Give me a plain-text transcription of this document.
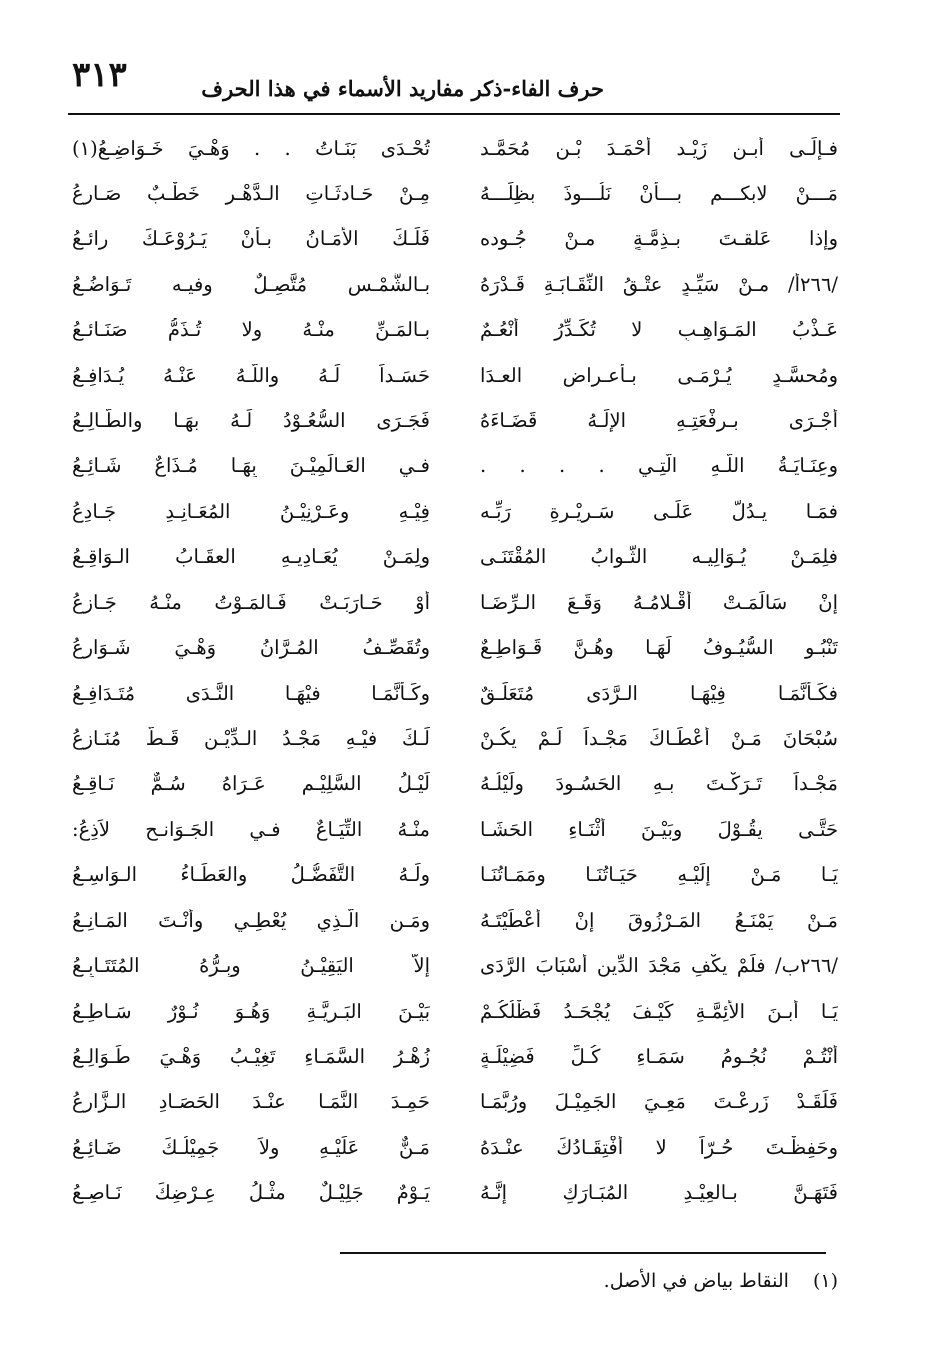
٣١٣	حرف الفاء-ذكر مفاريد الأسماء في هذا الحرف
فـإلَـى أبـنِ زَيْـد أحْمَـدَ بْـنِ مُحَمَّـد
تُحْـدَى بَنَـاتُ . . وَهْـيَ خَـوَاضِـعُ(١)
مَـــنْ لابكـــم بـــأنْ نَلُـــوذَ بظِلِّـــهُ
مِـنْ حَـادثَـاتِ الـدَّهْـرِ خَطْـبٌ صَـارِعُ
وإذا عَلقـتَ بـذِمَّـةٍ مـنْ جُـوده
فَلَـكَ الأَمَـانُ بـأنْ يَـرُوْعَـكَ رائـعُ
/٢٦٦أ/ مـنْ سَيِّـدٍ عتْـقُ النِّقَـابَـةِ قَـدْرَهُ
بـالشَّمْـسِ مُتَّصِـلٌ وفيـه تَـوَاضُـعُ
عَـذْبُ المَـوَاهِـبِ لا تُكَـدِّرُ أَنْعُـمٌ
بـالمَـنِّ منْـهُ ولا تُـذَمُّ صَنَـائـعُ
ومُحسَّـدٍ يُـرْمَـى بـأعـراض العـدَا
حَسَـداً لَـهُ واللَّـهُ عَنْـهُ يُـدَافِـعُ
أجْـرَى بـرِفْعَتِـهِ الإلَـهُ قَضَـاءَهُ
فَجَـرَى السُّعُـوْدُ لَـهُ بهَـا والطَّـالِـعُ
وعِنَـايَـةُ اللَّـهِ الَّتِـي . . . .
فـي العَـالَمِيْـنَ بِهَـا مُـذَاعٌ شَـائِـعُ
فمَـا يـدُلُّ عَلَـى سَـرِيْـرةِ رَبِّـه
فِيْـهِ وعَـرْنِيْـنُ المُعَـانِـدِ جَـادِعُ
فلِمَـنْ يُـوَالِيـه الثَّـوابُ المُقْتَنَـى
ولِمَـنْ يُعَـادِيـهِ العقَـابُ الـوَاقِـعُ
إنْ سَالَمَـتْ أقْـلامُـهُ وَقَـعَ الـرِّضَـا
أَوْ حَـارَبَـتْ فَـالمَـوْتُ منْـهُ جَـازِعُ
تَنْبُـو السُّيُـوفُ لَهَـا وهُـنَّ قَـوَاطِـعٌ
وتُقَصِّـفُ المُـرَّانُ وَهْـيَ شَـوَارِعُ
فكَـأنَّمَـا فِيْهَـا الـرَّدَى مُتَعَلِّـقٌ
وكَـأنَّمَـا فيْهَـا النَّـدَى مُتَـدَافِـعُ
سُبْحَانَ مَـنْ أعْطَـاكَ مَجْـداً لَـمْ يكُـنْ
لَـكَ فيْـهِ مَجْـدُ الـدِّيْـنِ قَـطُّ مُنَـازِعُ
مَجْـداً تَـرَكْـتَ بـهِ الحَسُـودَ ولَيْلُـهُ
لَيْـلُ السَّلِيْـمِ عَـرَاهُ سُـمٌّ نَـاقِـعُ
حَتَّـى يقُـوْلَ وبَيْـنَ أثْنَـاءِ الحَشَـا
منْـهُ التِّيَـاعٌ فـي الجَـوَانـحِ لاَذِعُ:
يَـا مَـنْ إلَيْـهِ حَيَـاتُنَـا ومَمَـاتُنَـا
ولَـهُ التَّفَضُّـلُ والعَطَـاءُ الـوَاسِـعُ
مَـنْ يَمْنَـعُ المَـرْزُوقَ إنْ أعْطَيْتَـهُ
ومَـنِ الَّـذِي يُعْطِـي وأنْـتَ المَـانِـعُ
/٢٦٦ب/ فلَمْ يكْفِ مَجْدَ الدِّينِ أسْبَابَ الرَّدَى
إلاَّ اليَقِيْـنُ وبِـرُّهُ المُتَتَـابِـعُ
يَـا أبـنَ الأئِمَّـةِ كَيْـفَ يُجْحَـدُ فَظْلُكُـمْ
بَيْـنَ البَـرِيَّـةِ وَهُـوَ نُـوْرٌ سَـاطِـعُ
أنْتُـمْ نُجُـومُ سَمَـاءِ كُـلِّ فَضِيْلَـةٍ
زُهْـرُ السَّمَـاءِ تَغِيْـبُ وَهْـيَ طَـوَالِـعُ
فَلَقَـدْ زَرعْـتَ مَعِـيَ الجَمِيْـلَ ورُبَّمَـا
حَمِـدَ النَّمَـا عنْـدَ الحَصَـادِ الـزَّارِعُ
وحَفِظْـتَ حُـرّاً لا أفْتِقَـادُكَ عنْـدَهُ
مَـنٌّ عَلَيْـهِ ولاَ جَمِيْلُـكَ ضَـائِـعُ
فَتَهَـنَّ بـالعِيْـدِ المُبَـارَكِ إنَّـهُ
يَـوْمٌ جَلِيْـلٌ مثْـلُ عِـرْضِكَ نَـاصِـعُ
(١)النقاط بياض في الأصل.
